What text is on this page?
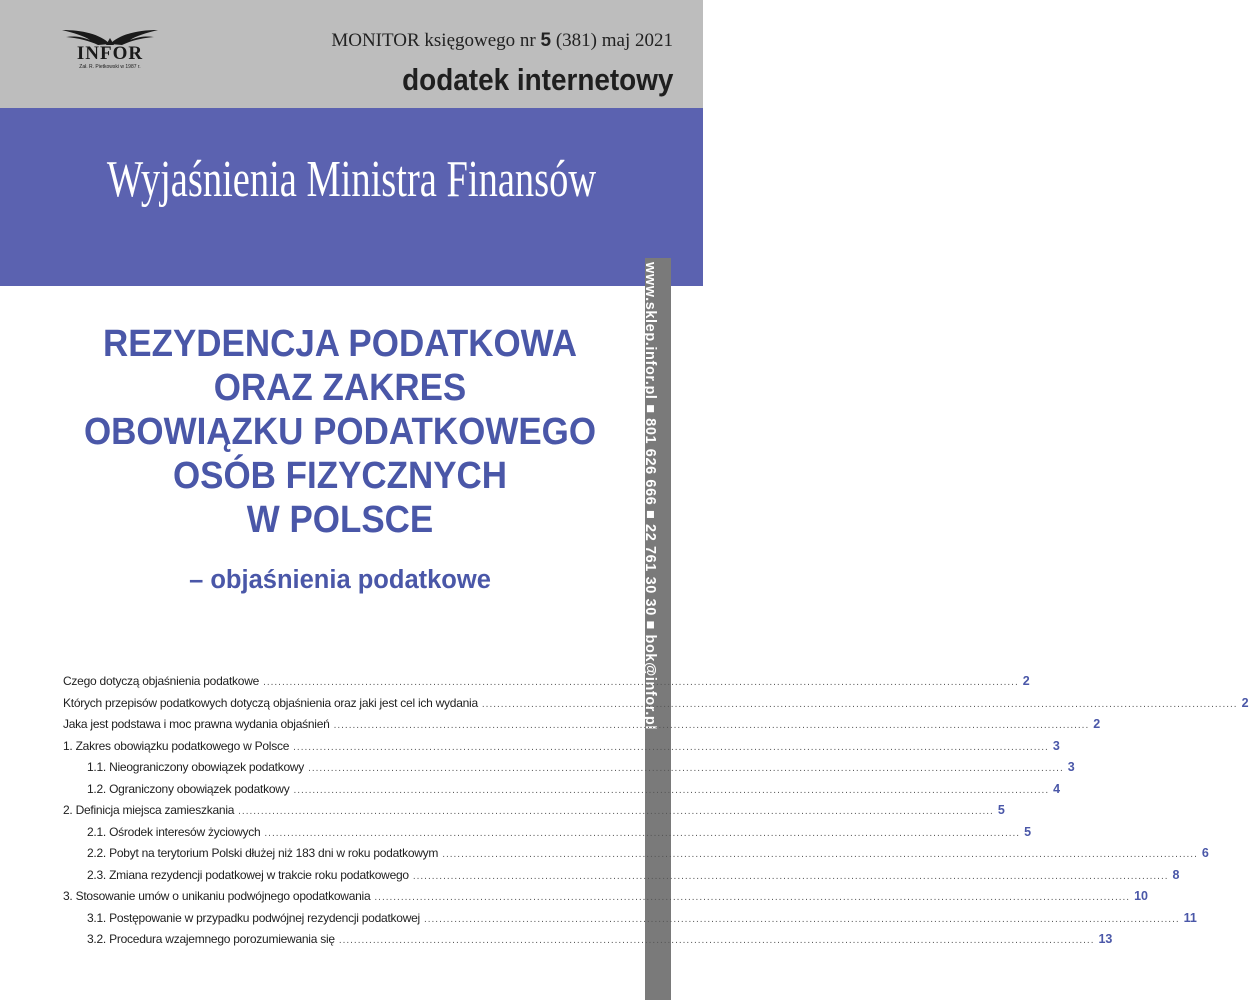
INFOR
Zał. R. Pietkowski w 1987 r.
MONITOR księgowego nr 5 (381) maj 2021
dodatek internetowy
Wyjaśnienia Ministra Finansów
www.sklep.infor.pl ■ 801 626 666 ■ 22 761 30 30 ■ bok@infor.pl
REZYDENCJA PODATKOWA
ORAZ ZAKRES
OBOWIĄZKU PODATKOWEGO
OSÓB FIZYCZNYCH
W POLSCE
– objaśnienia podatkowe
Czego dotyczą objaśnienia podatkowe ........................................................................................................................................................................................................ 2
Których przepisów podatkowych dotyczą objaśnienia oraz jaki jest cel ich wydania ........................................................................................................................................................................................................ 2
Jaka jest podstawa i moc prawna wydania objaśnień ........................................................................................................................................................................................................ 2
1. Zakres obowiązku podatkowego w Polsce ........................................................................................................................................................................................................ 3
1.1. Nieograniczony obowiązek podatkowy ........................................................................................................................................................................................................ 3
1.2. Ograniczony obowiązek podatkowy ........................................................................................................................................................................................................ 4
2. Definicja miejsca zamieszkania ........................................................................................................................................................................................................ 5
2.1. Ośrodek interesów życiowych ........................................................................................................................................................................................................ 5
2.2. Pobyt na terytorium Polski dłużej niż 183 dni w roku podatkowym ........................................................................................................................................................................................................ 6
2.3. Zmiana rezydencji podatkowej w trakcie roku podatkowego ........................................................................................................................................................................................................ 8
3. Stosowanie umów o unikaniu podwójnego opodatkowania ........................................................................................................................................................................................................ 10
3.1. Postępowanie w przypadku podwójnej rezydencji podatkowej ........................................................................................................................................................................................................ 11
3.2. Procedura wzajemnego porozumiewania się ........................................................................................................................................................................................................ 13
